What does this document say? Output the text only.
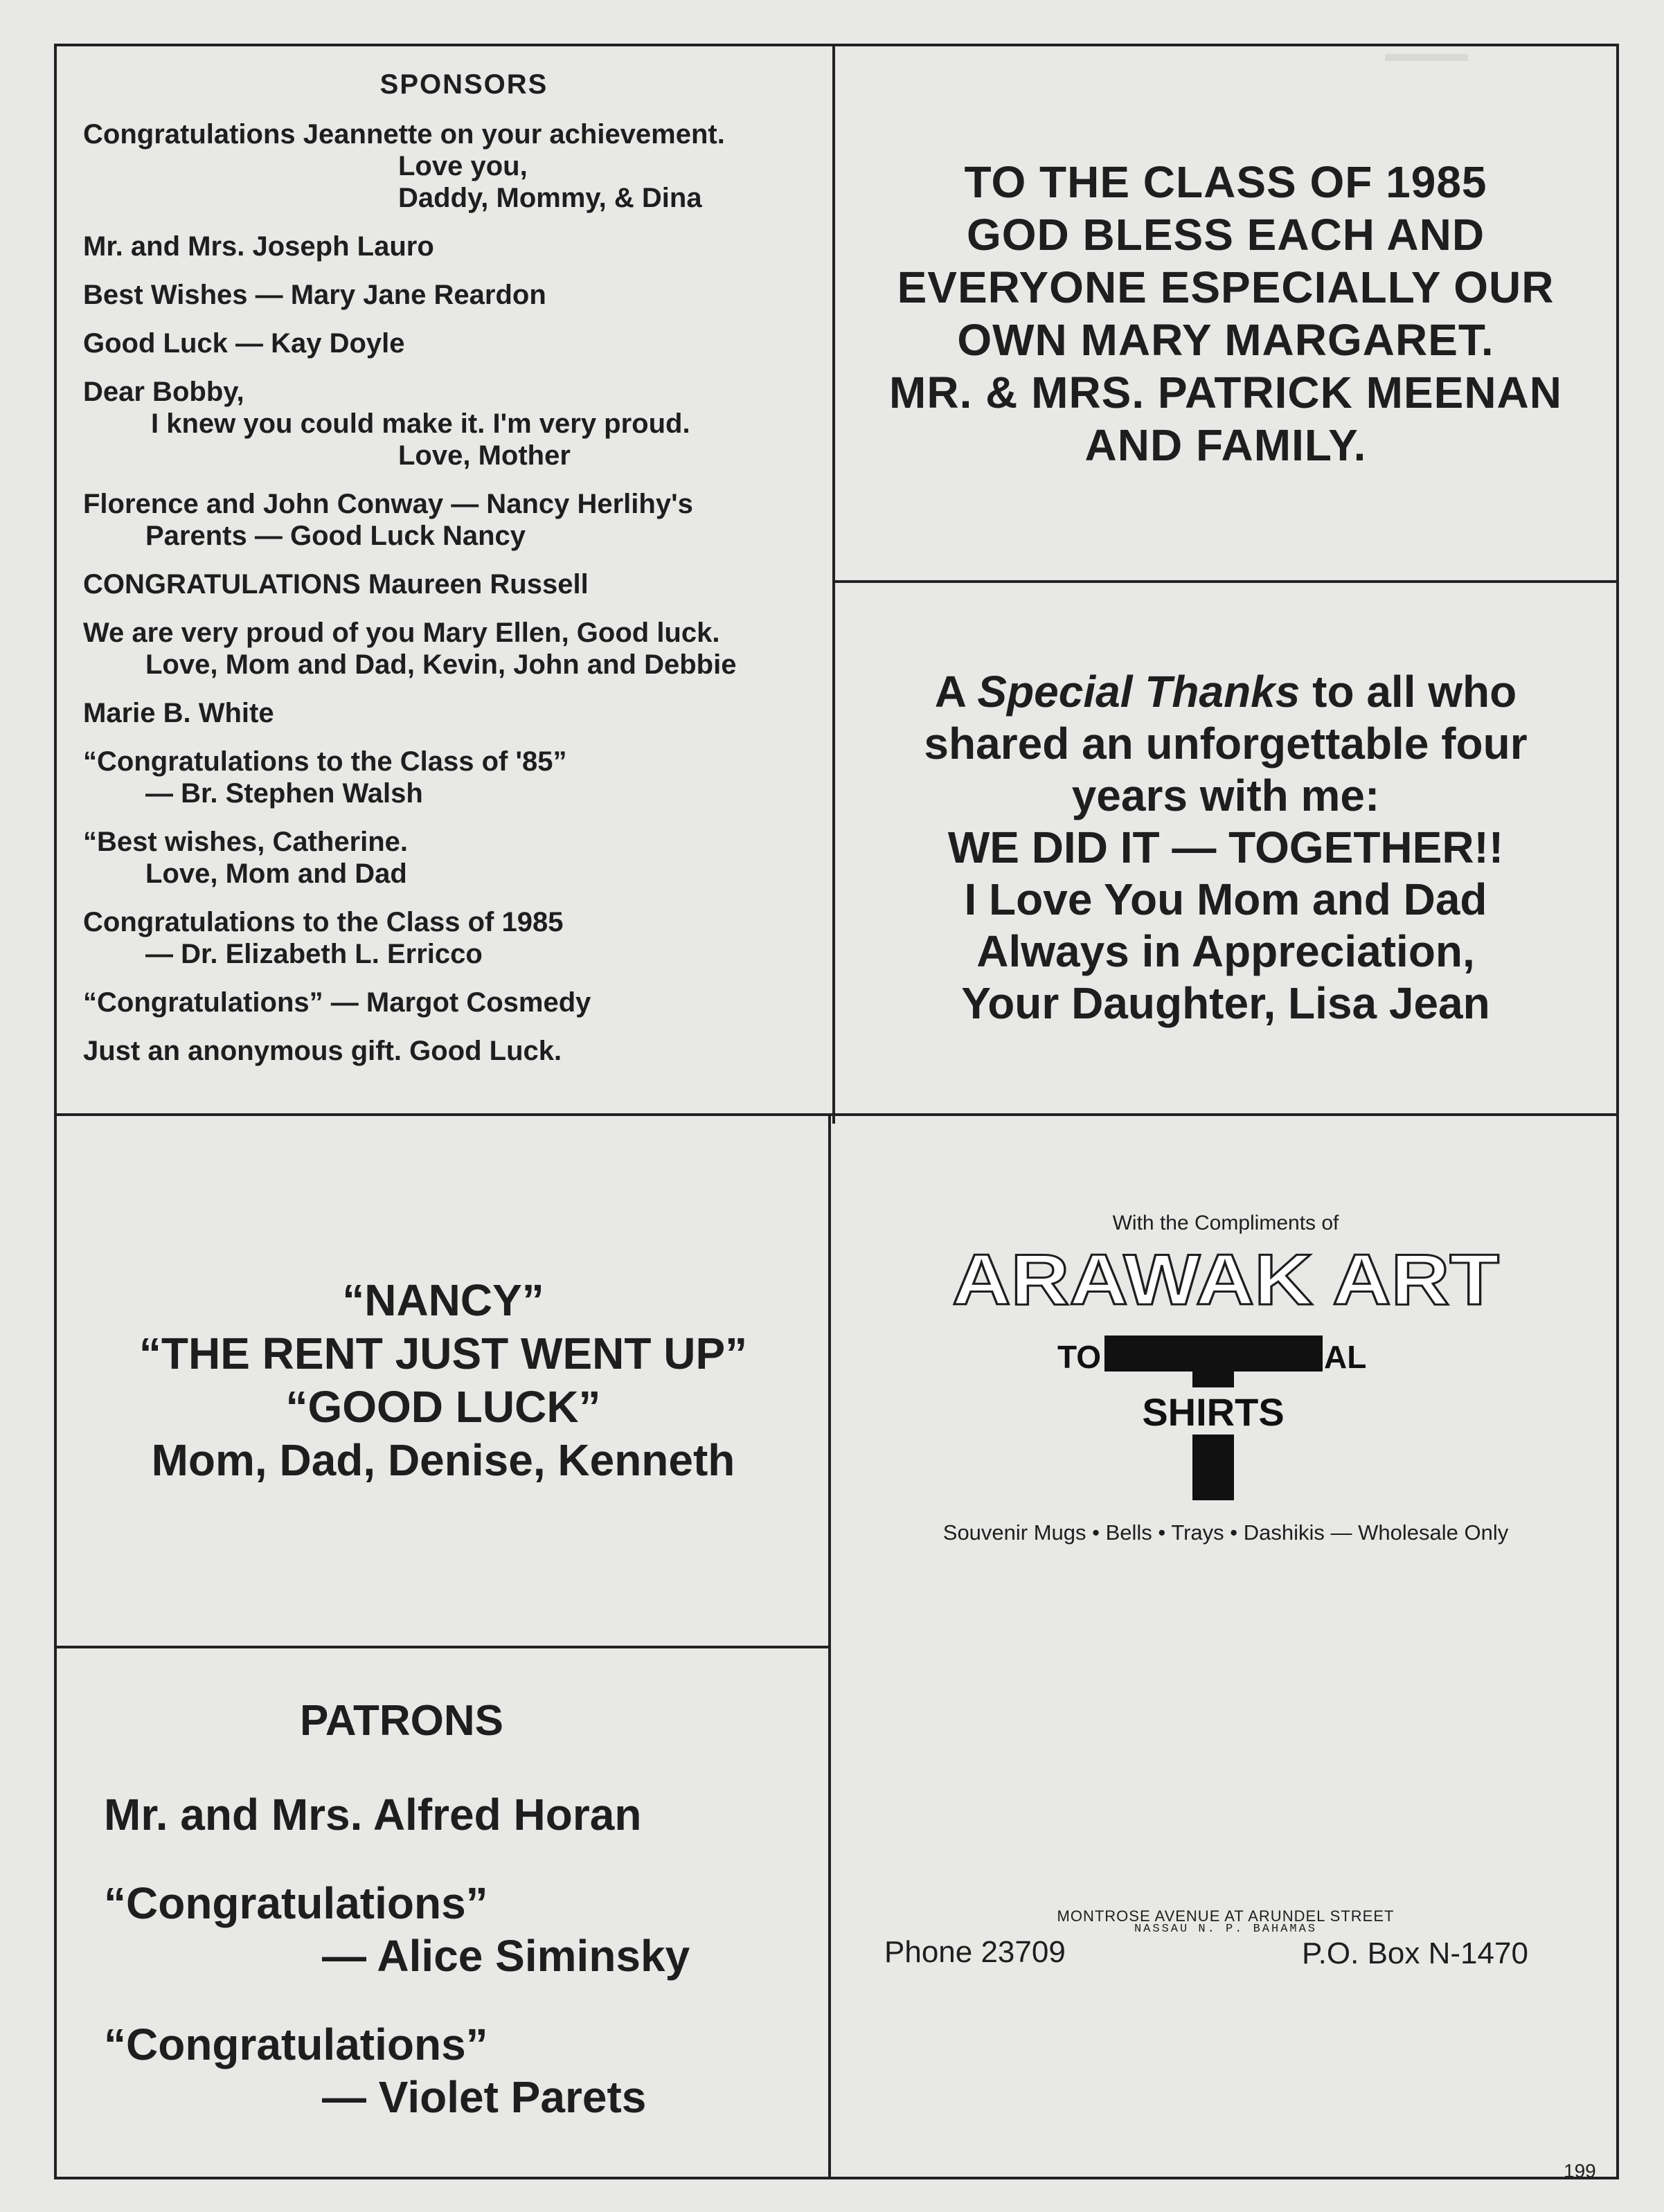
SPONSORS
Congratulations Jeannette on your achievement.
Love you,
Daddy, Mommy, & Dina
Mr. and Mrs. Joseph Lauro
Best Wishes — Mary Jane Reardon
Good Luck — Kay Doyle
Dear Bobby,
I knew you could make it. I'm very proud.
Love, Mother
Florence and John Conway — Nancy Herlihy's
Parents — Good Luck Nancy
CONGRATULATIONS Maureen Russell
We are very proud of you Mary Ellen, Good luck.
Love, Mom and Dad, Kevin, John and Debbie
Marie B. White
“Congratulations to the Class of '85”
— Br. Stephen Walsh
“Best wishes, Catherine.
Love, Mom and Dad
Congratulations to the Class of 1985
— Dr. Elizabeth L. Erricco
“Congratulations” — Margot Cosmedy
Just an anonymous gift. Good Luck.
TO THE CLASS OF 1985
GOD BLESS EACH AND
EVERYONE ESPECIALLY OUR
OWN MARY MARGARET.
MR. & MRS. PATRICK MEENAN
AND FAMILY.
A Special Thanks to all who
shared an unforgettable four
years with me:
WE DID IT — TOGETHER!!
I Love You Mom and Dad
Always in Appreciation,
Your Daughter, Lisa Jean
“NANCY”
“THE RENT JUST WENT UP”
“GOOD LUCK”
Mom, Dad, Denise, Kenneth
PATRONS
Mr. and Mrs. Alfred Horan
“Congratulations”
— Alice Siminsky
“Congratulations”
— Violet Parets
With the Compliments of
ARAWAK ART
TO	AL
SHIRTS
Souvenir Mugs • Bells • Trays • Dashikis — Wholesale Only
MONTROSE AVENUE AT ARUNDEL STREET
NASSAU N. P. BAHAMAS
Phone 23709	P.O. Box N-1470
199
